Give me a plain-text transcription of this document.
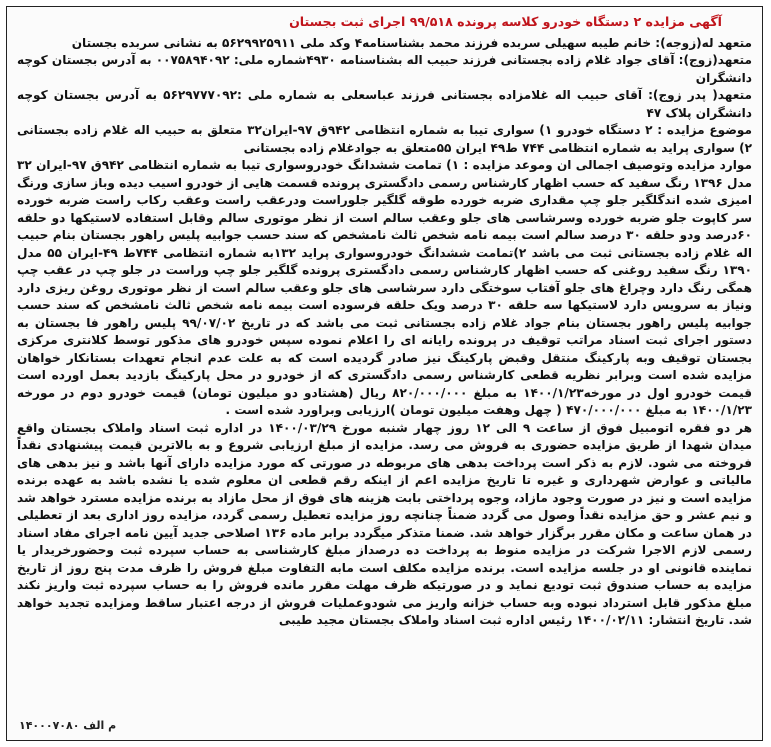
آگهی مزایده ۲ دستگاه خودرو کلاسه پرونده ۹۹/۵۱۸ اجرای ثبت بجستان

متعهد له(زوجه): خانم طیبه سهیلی سربده فرزند محمد بشناسنامه۴ وکد ملی ۵۶۲۹۹۲۵۹۱۱ به نشانی سربده بجستان

متعهد(زوج): آقای جواد غلام زاده بجستانی فرزند حبیب اله بشناسنامه ۴۹۳۰شماره ملی: ۰۰۷۵۸۹۴۰۹۲ به آدرس بجستان کوچه دانشگران

متعهد( پدر زوج): آقای حبیب اله غلامزاده بجستانی فرزند عباسعلی به شماره ملی :۵۶۲۹۷۷۷۰۹۲ به آدرس بجستان کوچه دانشگران پلاک ۴۷

موضوع مزایده : ۲ دستگاه خودرو ۱) سواری تیبا به شماره انتظامی ۹۴۲ق ۹۷-ایران۳۲ متعلق به حبیب اله غلام زاده بجستانی ۲) سواری پراید به شماره انتظامی ۷۴۴ ط۴۹ ایران ۵۵متعلق به جوادغلام زاده بجستانی

موارد مزایده وتوصیف اجمالی ان وموعد مزایده : ۱) تمامت ششدانگ خودروسواری تیبا به شماره انتظامی ۹۴۲ق ۹۷-ایران ۳۲ مدل ۱۳۹۶ رنگ سفید که حسب اظهار کارشناس رسمی دادگستری پرونده قسمت هایی از خودرو اسیب دیده وباز سازی ورنگ امیزی شده اندگلگیر جلو چپ مقداری ضربه خورده طوقه گلگیر جلوراست ودرعقب راست وعقب رکاب راست ضربه خورده سر کاپوت جلو ضربه خورده وسرشاسی های جلو وعقب سالم است از نظر موتوری سالم وقابل استفاده لاستیکها دو حلقه ۶۰درصد ودو حلقه ۳۰ درصد سالم است بیمه نامه شخص ثالث نامشخص که سند حسب جوابیه پلیس راهور بجستان بنام حبیب اله غلام زاده بجستانی ثبت می باشد ۲)تمامت ششدانگ خودروسواری پراید ۱۳۲به شماره انتظامی ۷۴۴ط ۴۹-ایران ۵۵ مدل ۱۳۹۰ رنگ سفید روغنی که حسب اظهار کارشناس رسمی دادگستری پرونده گلگیر جلو چپ وراست در جلو چپ در عقب چپ همگی رنگ دارد وچراغ های جلو آفتاب سوختگی دارد سرشاسی های جلو وعقب سالم است از نظر موتوری روغن ریزی دارد ونیاز به سرویس دارد لاستیکها سه حلقه ۳۰ درصد ویک حلقه فرسوده است بیمه نامه شخص ثالث نامشخص که سند حسب جوابیه پلیس راهور بجستان بنام جواد غلام زاده بجستانی ثبت می باشد که در تاریخ ۹۹/۰۷/۰۲ پلیس راهور فا بجستان به دستور اجرای ثبت اسناد مراتب توقیف در پرونده رایانه ای را اعلام نموده سپس خودرو های مذکور توسط کلانتری مرکزی بجستان توقیف وبه پارکینگ منتقل وقبض پارکینگ نیز صادر گردیده است که به علت عدم انجام تعهدات بستانکار خواهان مزایده شده است وبرابر نظریه قطعی کارشناس رسمی دادگستری که از خودرو در محل پارکینگ بازدید بعمل اورده است قیمت خودرو اول در مورخه۱۴۰۰/۱/۲۳ به مبلغ ۸۲۰/۰۰۰/۰۰۰ ریال (هشتادو دو میلیون تومان) قیمت خودرو دوم در مورخه ۱۴۰۰/۱/۲۳ به مبلغ ۴۷۰/۰۰۰/۰۰۰ ( چهل وهفت میلیون تومان )ارزیابی وبراورد شده است .

هر دو فقره اتومبیل فوق از ساعت ۹ الی ۱۲ روز چهار شنبه مورخ ۱۴۰۰/۰۳/۲۹ در اداره ثبت اسناد واملاک بجستان واقع میدان شهدا از طریق مزایده حضوری به فروش می رسد. مزایده از مبلغ ارزیابی شروع و به بالاترین قیمت پیشنهادی نقداً فروخته می شود. لازم به ذکر است پرداخت بدهی های مربوطه در صورتی که مورد مزایده دارای آنها باشد و نیز بدهی های مالیاتی و عوارض شهرداری و غیره تا تاریخ مزایده اعم از اینکه رقم قطعی ان معلوم شده یا نشده باشد به عهده برنده مزایده است و نیز در صورت وجود مازاد، وجوه پرداختی بابت هزینه های فوق از محل مازاد به برنده مزایده مسترد خواهد شد و نیم عشر و حق مزایده نقداً وصول می گردد ضمناً چنانچه روز مزایده تعطیل رسمی گردد، مزایده روز اداری بعد از تعطیلی در همان ساعت و مکان مقرر برگزار خواهد شد. ضمنا متذکر میگردد برابر ماده ۱۳۶ اصلاحی جدید آیین نامه اجرای مفاد اسناد رسمی لازم الاجرا شرکت در مزایده منوط به پرداخت ده درصداز مبلغ کارشناسی به حساب سپرده ثبت وحضورخریدار یا نماینده قانونی او در جلسه مزایده است. برنده مزایده مکلف است مابه التفاوت مبلغ فروش را ظرف مدت پنج روز از تاریخ مزایده به حساب صندوق ثبت تودیع نماید و در صورتیکه ظرف مهلت مقرر مانده فروش را به حساب سپرده ثبت واریز نکند مبلغ مذکور قابل استرداد نبوده وبه حساب خزانه واریز می شودوعملیات فروش از درجه اعتبار ساقط ومزایده تجدید خواهد شد. تاریخ انتشار: ۱۴۰۰/۰۲/۱۱ رئیس اداره ثبت اسناد واملاک بجستان مجید طیبی

م الف ۱۴۰۰۰۷۰۸۰
